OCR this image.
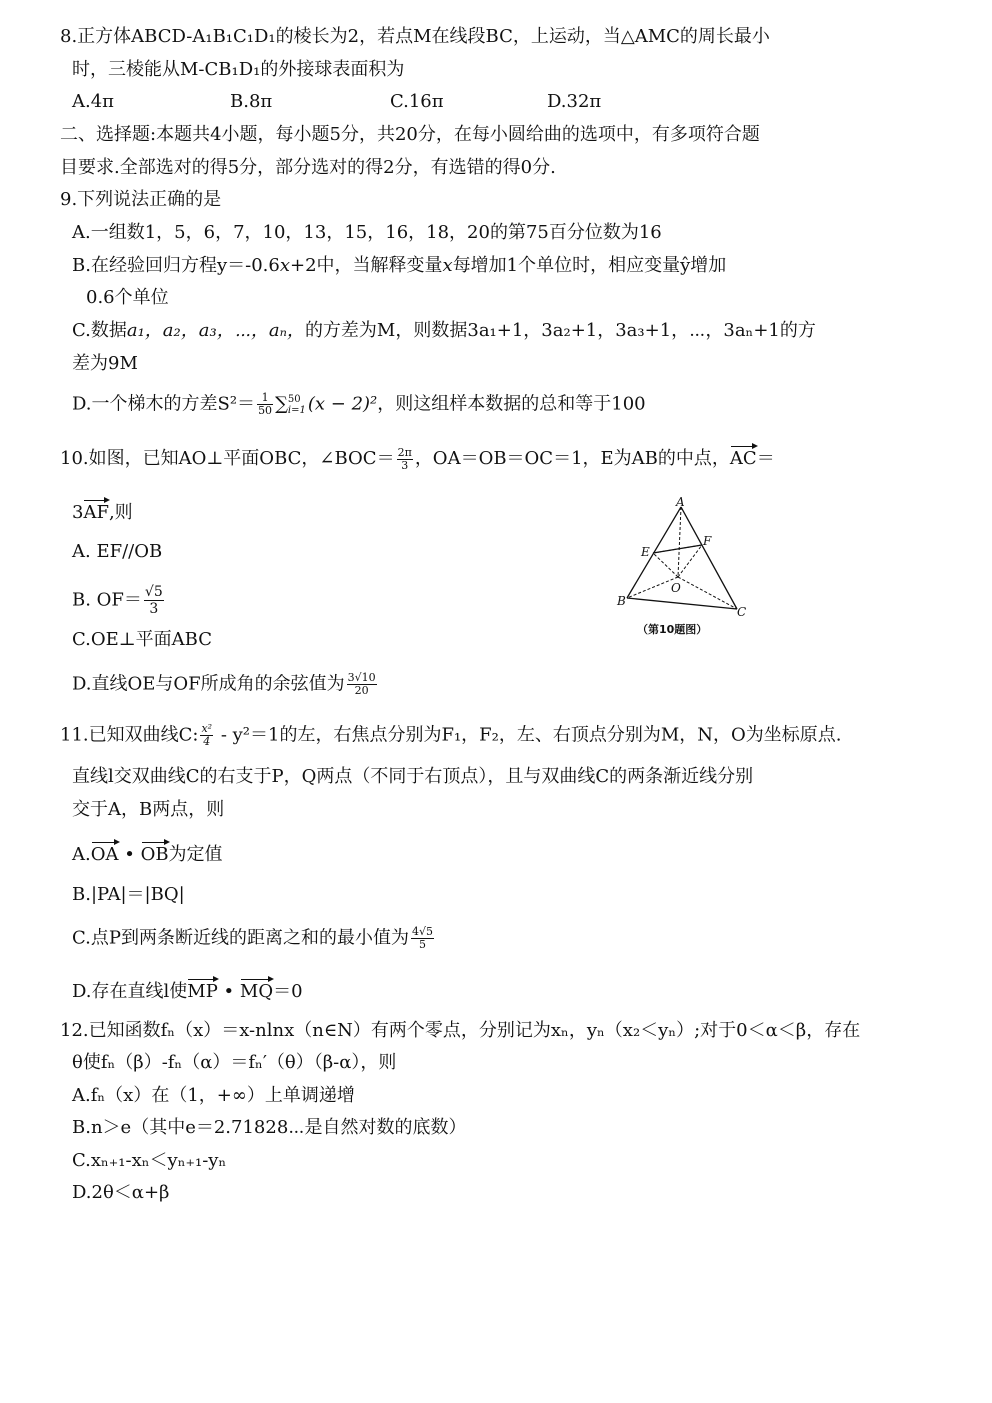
8.正方体ABCD-A₁B₁C₁D₁的棱长为2，若点M在线段BC，上运动，当△AMC的周长最小
时，三棱能从M-CB₁D₁的外接球表面积为
A.4π	B.8π	C.16π	D.32π
二、选择题:本题共4小题，每小题5分，共20分，在每小圆给曲的选项中，有多项符合题
目要求.全部选对的得5分，部分选对的得2分，有选错的得0分.
9.下列说法正确的是
A.一组数1，5，6，7，10，13，15，16，18，20的第75百分位数为16
B.在经验回归方程y＝-0.6x+2中，当解释变量x每增加1个单位时，相应变量ŷ增加
0.6个单位
C.数据a₁，a₂，a₃，⋯，aₙ，的方差为M，则数据3a₁+1，3a₂+1，3a₃+1，⋯，3aₙ+1的方
差为9M
D.一个梯木的方差$S^2= \frac{1}{50}$ ∑ 50
i=1 (x − 2)²，则这组样本数据的总和等于100
10.如图，已知AO⊥平面OBC，∠BOC＝ $\frac{2\pi}{3}$ ，OA＝OB＝OC＝1，E为AB的中点，AC＝
3AF,则
A. EF//OB
B. $OF= \frac{√5}{3}$
C.OE⊥平面ABC
D.直线OE与OF所成角的余弦值为 $\frac{3√10}{20}$
A
B
C
E
F
O
（第10题图）
11.已知双曲线C: $\frac{\text{x²}}{4} - y^2=1$的左，右焦点分别为F₁，F₂，左、右顶点分别为M，N，O为坐标原点.
直线l交双曲线C的右支于P，Q两点（不同于右顶点），且与双曲线C的两条渐近线分别
交于A，B两点，则
A.OA • OB为定值
B.|PA|＝|BQ|
C.点P到两条断近线的距离之和的最小值为 $\frac{4√5}{5}$
D.存在直线l使MP • MQ＝0
12.已知函数fₙ（x）＝x-nlnx（n∈N）有两个零点，分别记为xₙ，yₙ（x₂＜yₙ）;对于0＜α＜β，存在
θ使fₙ（β）-fₙ（α）＝fₙ′（θ）（β-α），则
A.fₙ（x）在（1，+∞）上单调递增
B.n＞e（其中e＝2.71828⋯是自然对数的底数）
C.xₙ₊₁-xₙ＜yₙ₊₁-yₙ
D.2θ＜α+β
